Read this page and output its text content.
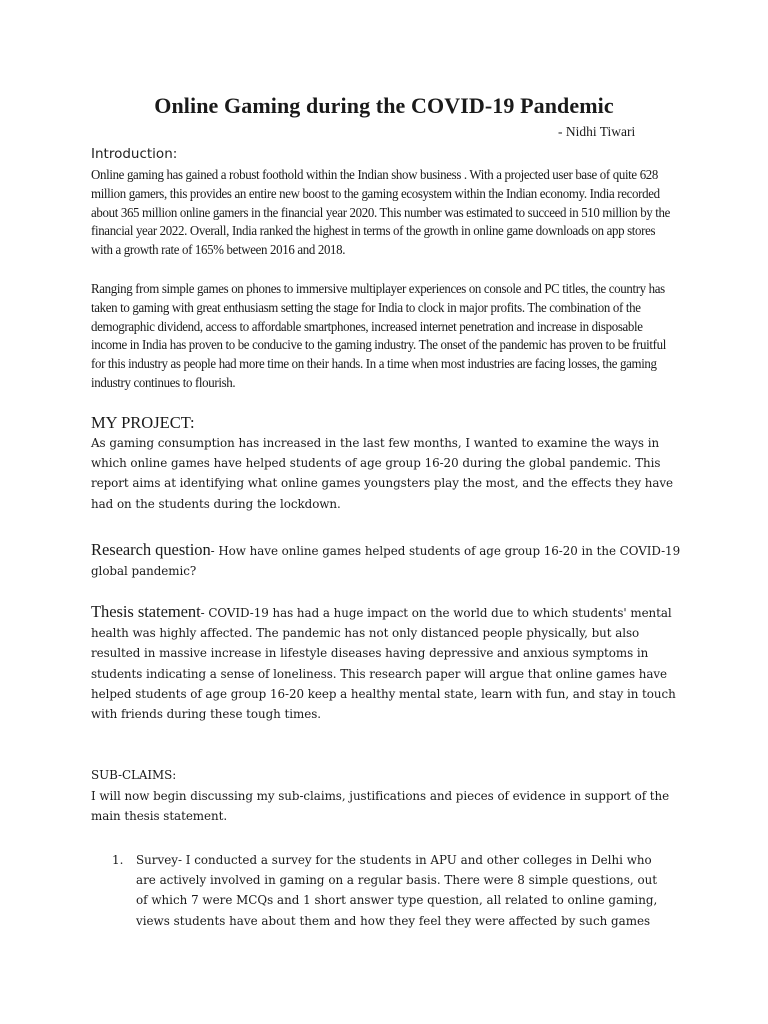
Online Gaming during the COVID-19 Pandemic
- Nidhi Tiwari
Introduction:

Online gaming has gained a robust foothold within the Indian show business . With a projected user base of quite 628 million gamers, this provides an entire new boost to the gaming ecosystem within the Indian economy. India recorded about 365 million online gamers in the financial year 2020. This number was estimated to succeed in 510 million by the financial year 2022. Overall, India ranked the highest in terms of the growth in online game downloads on app stores with a growth rate of 165% between 2016 and 2018.

Ranging from simple games on phones to immersive multiplayer experiences on console and PC titles, the country has taken to gaming with great enthusiasm setting the stage for India to clock in major profits. The combination of the demographic dividend, access to affordable smartphones, increased internet penetration and increase in disposable income in India has proven to be conducive to the gaming industry. The onset of the pandemic has proven to be fruitful for this industry as people had more time on their hands. In a time when most industries are facing losses, the gaming industry continues to flourish.

MY PROJECT:

As gaming consumption has increased in the last few months, I wanted to examine the ways in which online games have helped students of age group 16-20 during the global pandemic. This report aims at identifying what online games youngsters play the most, and the effects they have had on the students during the lockdown.

Research question- How have online games helped students of age group 16-20 in the COVID-19 global pandemic?

Thesis statement- COVID-19 has had a huge impact on the world due to which students' mental health was highly affected. The pandemic has not only distanced people physically, but also resulted in massive increase in lifestyle diseases having depressive and anxious symptoms in students indicating a sense of loneliness. This research paper will argue that online games have helped students of age group 16-20 keep a healthy mental state, learn with fun, and stay in touch with friends during these tough times.

SUB-CLAIMS:

I will now begin discussing my sub-claims, justifications and pieces of evidence in support of the main thesis statement.

1. Survey- I conducted a survey for the students in APU and other colleges in Delhi who are actively involved in gaming on a regular basis. There were 8 simple questions, out of which 7 were MCQs and 1 short answer type question, all related to online gaming, views students have about them and how they feel they were affected by such games
